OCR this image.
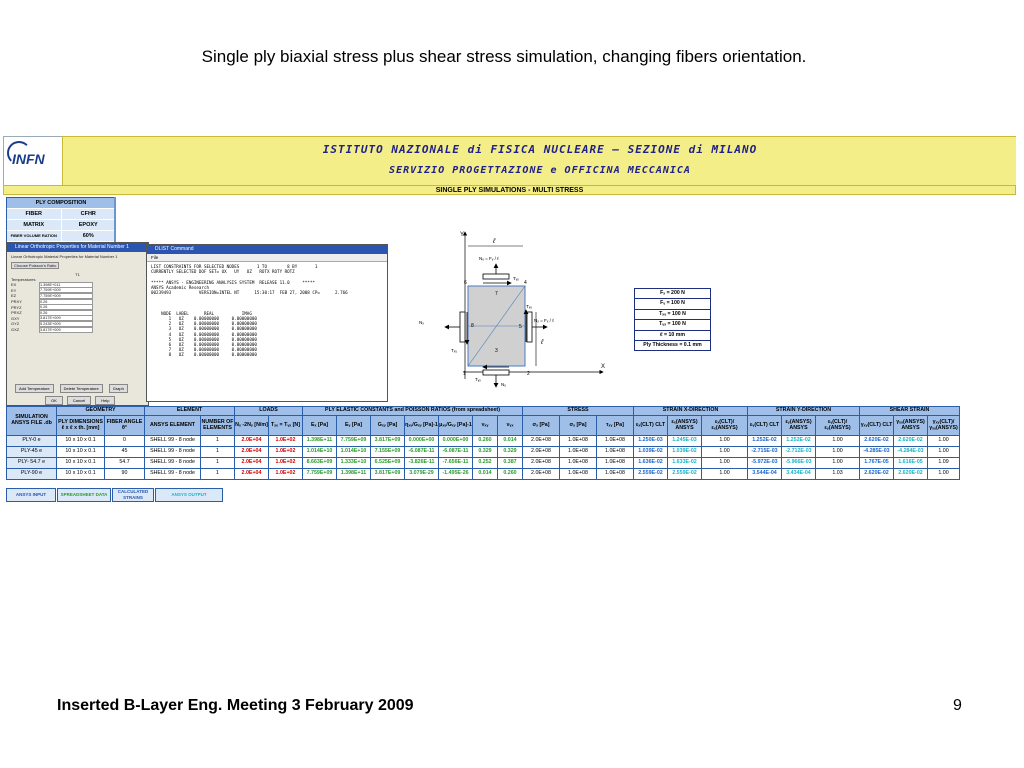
Single ply biaxial stress plus shear stress simulation, changing fibers orientation.
INFN
ISTITUTO NAZIONALE di FISICA NUCLEARE – SEZIONE di MILANO
SERVIZIO PROGETTAZIONE e OFFICINA MECCANICA
SINGLE PLY SIMULATIONS - MULTI STRESS
PLY COMPOSITION
FIBER	CFHR
MATRIX	EPOXY
FIBER VOLUME RATION	60%
Linear Orthotropic Properties for Material Number 1
Linear Orthotropic Material Properties for Material Number 1
Choose Poisson's Ratio
T1
Temperatures
EX	1.398E+011
EY	7.759E+009
EZ	7.759E+009
PRXY	0.26
PRYZ	0.26
PRXZ	0.26
GXY	3.817E+009
GYZ	5.243E+009
GXZ	3.817E+009
Add Temperature	Delete Temperature	Graph
OK	Cancel	Help
DLIST Command
File
LIST CONSTRAINTS FOR SELECTED NODES       1 TO        8 BY       1
CURRENTLY SELECTED DOF SET= UX   UY   UZ   ROTX ROTY ROTZ

***** ANSYS - ENGINEERING ANALYSIS SYSTEM  RELEASE 11.0     *****
ANSYS Academic Research
00239493           VERSION=INTEL NT      15:30:17  FEB 27, 2008 CP=      2.766

NODE  LABEL      REAL           IMAG
1   UZ    0.00000000     0.00000000
2   UZ    0.00000000     0.00000000
3   UZ    0.00000000     0.00000000
4   UZ    0.00000000     0.00000000
5   UZ    0.00000000     0.00000000
6   UZ    0.00000000     0.00000000
7   UZ    0.00000000     0.00000000
8   UZ    0.00000000     0.00000000
Y
X
ℓ
ℓ
Nᵧ = Fᵧ / ℓ
Tᵧₓ
Nᵧ
Tᵧₓ
Nₓ = Fₓ / ℓ
Tₓᵧ
Nₓ
Tₓᵧ
6	4
7
8	5
3
1	2
Fₓ = 200 N
Fᵧ = 100 N
Tₓᵧ = 100 N
Tᵧₓ = 100 N
ℓ = 10 mm
Ply Thickness = 0.1 mm
SIMULATION ANSYS FILE .db	GEOMETRY		ELEMENT		LOADS		PLY ELASTIC CONSTANTS and POISSON RATIOS (from spreadsheet)							STRESS			STRAIN X-DIRECTION			STRAIN Y-DIRECTION			SHEAR STRAIN		
	PLY DIMENSIONS ℓ x ℓ x th. [mm]	FIBER ANGLE θ°	ANSYS ELEMENT	NUMBER OF ELEMENTS	Nₓ -2Nᵧ [N/m]	Tₓᵧ = Tᵧₓ [N]	Eₓ [Pa]	Eᵧ [Pa]	Gₓᵧ [Pa]	ηₓᵧ/Gₓᵧ [Pa]-1	μₓᵧ/Gₓᵧ [Pa]-1	νₓᵧ	νᵧₓ	σₓ [Pa]	σᵧ [Pa]	τₓᵧ [Pa]	εₓ(CLT) CLT	εₓ(ANSYS) ANSYS	εₓ(CLT)/εₓ(ANSYS)	εᵧ(CLT) CLT	εᵧ(ANSYS) ANSYS	εᵧ(CLT)/εᵧ(ANSYS)	γₓᵧ(CLT) CLT	γₓᵧ(ANSYS) ANSYS	γₓᵧ(CLT)/γₓᵧ(ANSYS)
PLY-0 e	10 x 10 x 0.1	0	SHELL 99 - 8 node	1	2.0E+04	1.0E+02	1.398E+11	7.759E+09	3.817E+09	0.000E+00	0.000E+00	0.260	0.014	2.0E+08	1.0E+08	1.0E+08	1.250E-03	1.245E-03	1.00	1.252E-02	1.252E-02	1.00	2.620E-02	2.620E-02	1.00
PLY-45 e	10 x 10 x 0.1	45	SHELL 99 - 8 node	1	2.0E+04	1.0E+02	1.014E+10	1.014E+10	7.155E+09	-6.087E-11	-6.087E-11	0.329	0.329	2.0E+08	1.0E+08	1.0E+08	1.039E-02	1.039E-02	1.00	-2.715E-03	-2.712E-03	1.00	-4.285E-03	-4.284E-03	1.00
PLY- 54.7 e	10 x 10 x 0.1	54.7	SHELL 99 - 8 node	1	2.0E+04	1.0E+02	8.663E+09	1.333E+10	6.525E+09	-3.826E-11	-7.656E-11	0.252	0.387	2.0E+08	1.0E+08	1.0E+08	1.636E-02	1.633E-02	1.00	-5.972E-03	-5.966E-03	1.00	1.767E-05	1.616E-05	1.09
PLY-90 e	10 x 10 x 0.1	90	SHELL 99 - 8 node	1	2.0E+04	1.0E+02	7.759E+09	1.398E+11	3.817E+09	3.079E-29	-1.495E-26	0.014	0.260	2.0E+08	1.0E+08	1.0E+08	2.559E-02	2.559E-02	1.00	3.544E-04	3.434E-04	1.03	2.620E-02	2.620E-02	1.00
ANSYS INPUT	SPREADSHEET DATA
CALCULATED STRAINS
ANSYS OUTPUT
Inserted B-Layer Eng. Meeting 3 February 2009	9
